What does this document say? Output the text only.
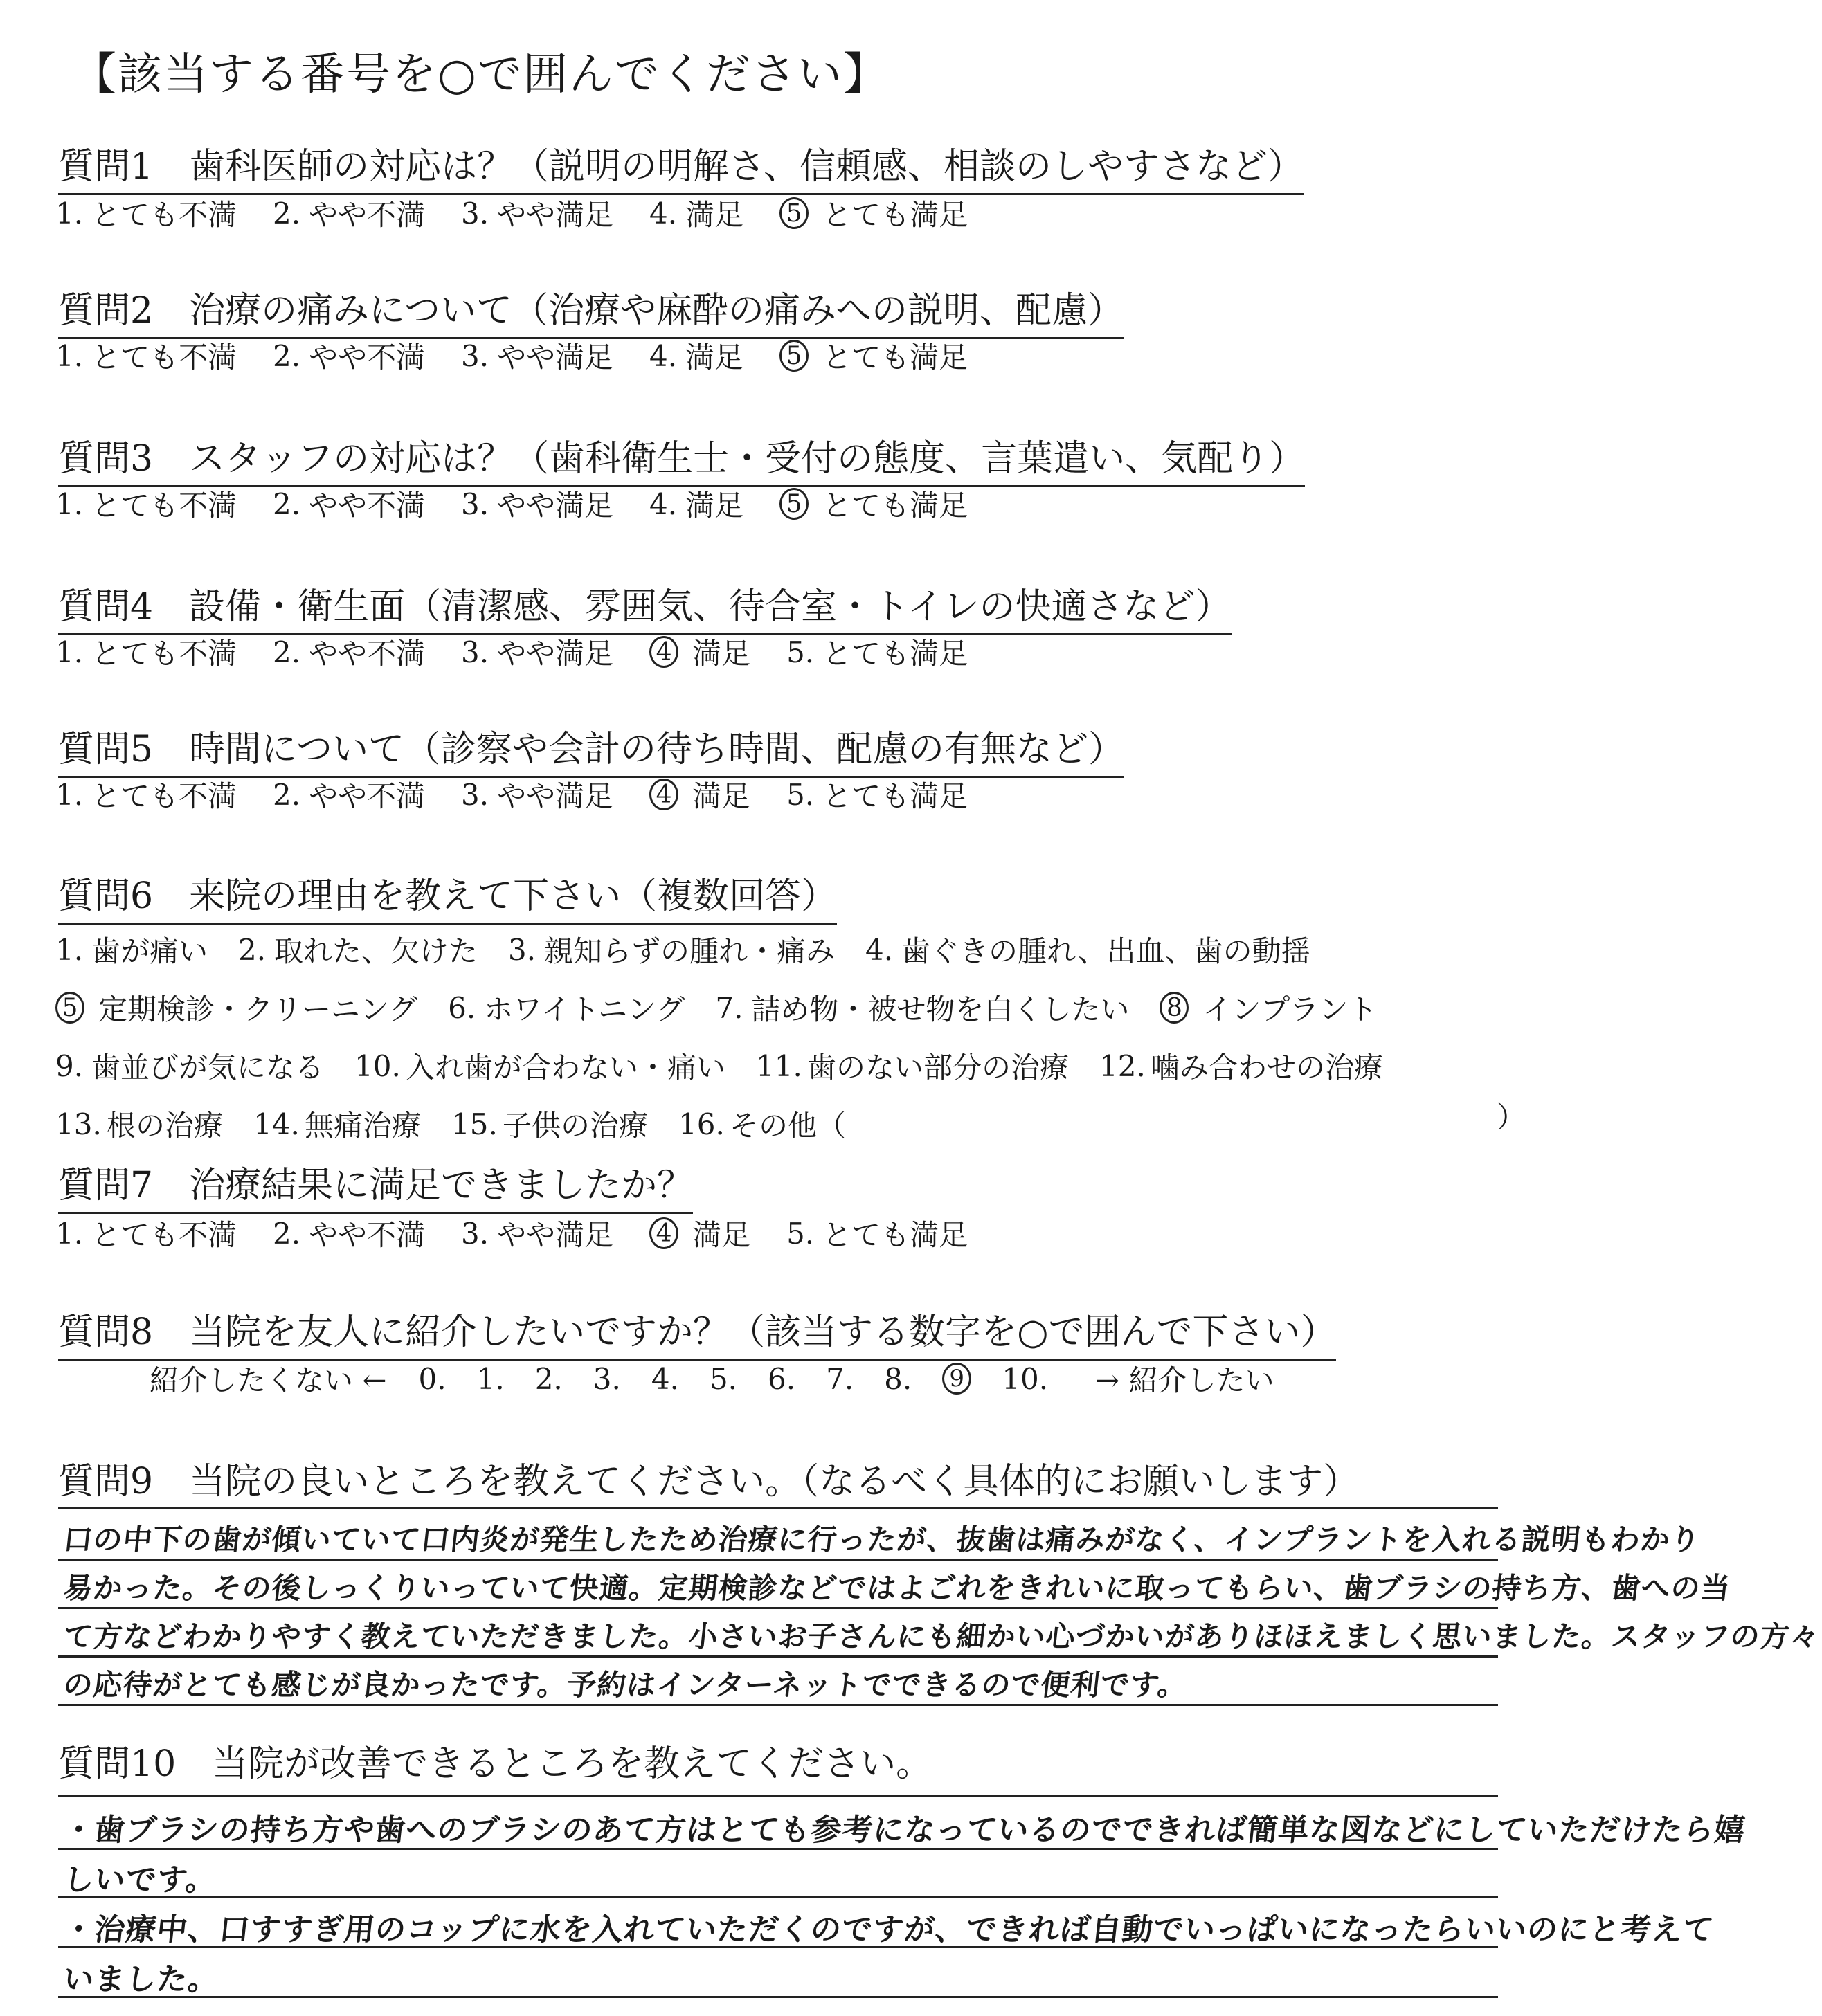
【該当する番号を○で囲んでください】
質問1　歯科医師の対応は？（説明の明解さ、信頼感、相談のしやすさなど）
1. とても不満 2. やや不満 3. やや満足 4. 満足 5 とても満足
質問2　治療の痛みについて（治療や麻酔の痛みへの説明、配慮）
1. とても不満 2. やや不満 3. やや満足 4. 満足 5 とても満足
質問3　スタッフの対応は？（歯科衛生士・受付の態度、言葉遣い、気配り）
1. とても不満 2. やや不満 3. やや満足 4. 満足 5 とても満足
質問4　設備・衛生面（清潔感、雰囲気、待合室・トイレの快適さなど）
1. とても不満 2. やや不満 3. やや満足 4 満足 5. とても満足
質問5　時間について（診察や会計の待ち時間、配慮の有無など）
1. とても不満 2. やや不満 3. やや満足 4 満足 5. とても満足
質問6　来院の理由を教えて下さい（複数回答）
1. 歯が痛い 2. 取れた、欠けた 3. 親知らずの腫れ・痛み 4. 歯ぐきの腫れ、出血、歯の動揺
5 定期検診・クリーニング 6. ホワイトニング 7. 詰め物・被せ物を白くしたい 8 インプラント
9. 歯並びが気になる 10. 入れ歯が合わない・痛い 11. 歯のない部分の治療 12. 噛み合わせの治療
13. 根の治療 14. 無痛治療 15. 子供の治療 16. その他（	）
質問7　治療結果に満足できましたか？
1. とても不満 2. やや不満 3. やや満足 4 満足 5. とても満足
質問8　当院を友人に紹介したいですか？（該当する数字を○で囲んで下さい）
紹介したくない ← 0. 1. 2. 3. 4. 5. 6. 7. 8. 9 10. → 紹介したい
質問9　当院の良いところを教えてください。（なるべく具体的にお願いします）
口の中下の歯が傾いていて口内炎が発生したため治療に行ったが、抜歯は痛みがなく、インプラントを入れる説明もわかり
易かった。その後しっくりいっていて快適。定期検診などではよごれをきれいに取ってもらい、歯ブラシの持ち方、歯への当
て方などわかりやすく教えていただきました。小さいお子さんにも細かい心づかいがありほほえましく思いました。スタッフの方々
の応待がとても感じが良かったです。予約はインターネットでできるので便利です。
質問10　当院が改善できるところを教えてください。
・歯ブラシの持ち方や歯へのブラシのあて方はとても参考になっているのでできれば簡単な図などにしていただけたら嬉
しいです。
・治療中、口すすぎ用のコップに水を入れていただくのですが、できれば自動でいっぱいになったらいいのにと考えて
いました。
